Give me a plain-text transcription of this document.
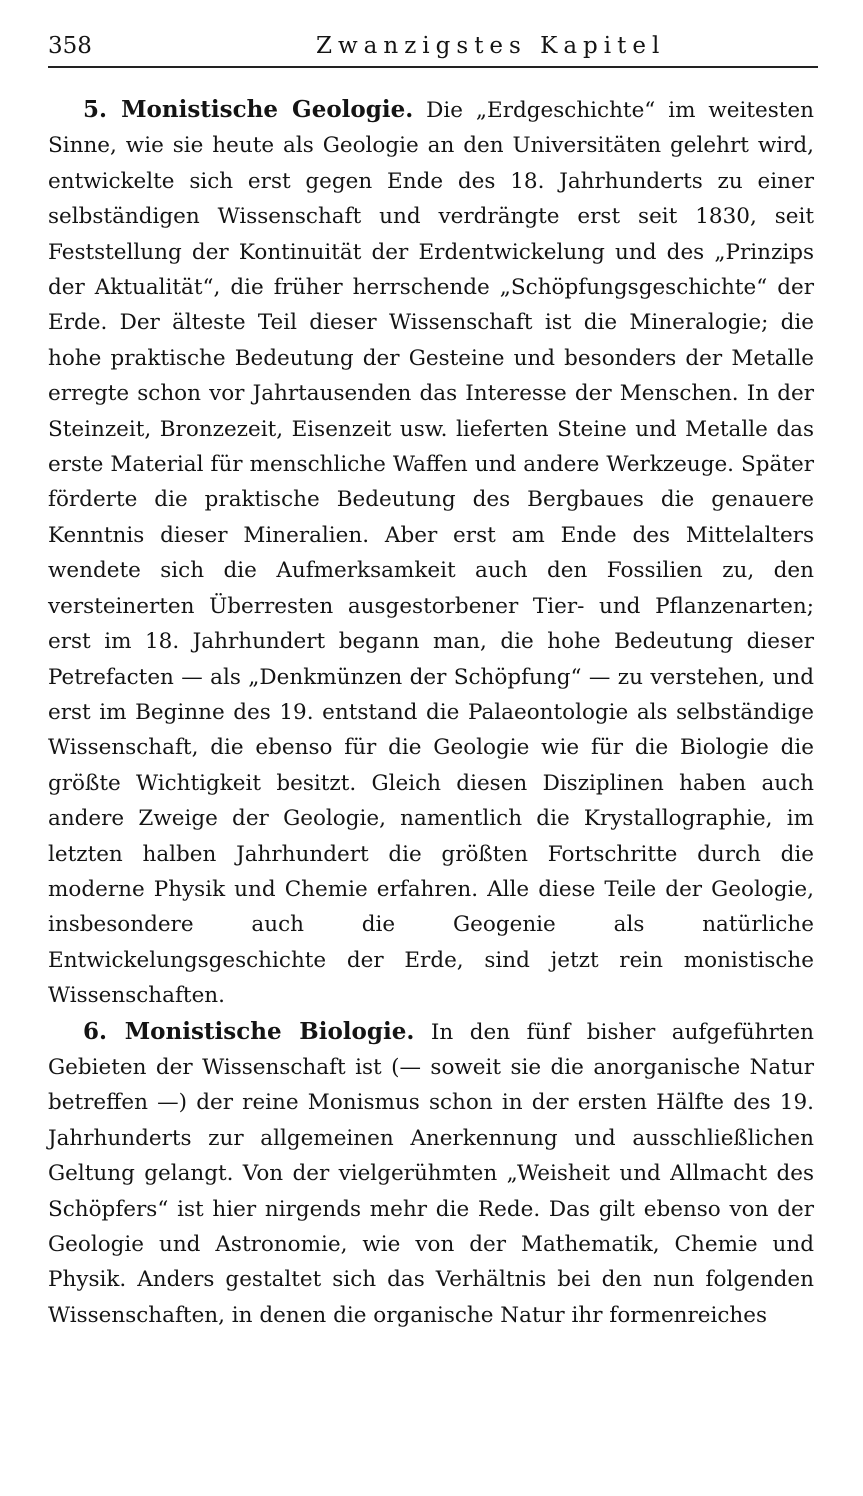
358	Zwanzigstes Kapitel

5. Monistische Geologie. Die „Erdgeschichte“ im weitesten Sinne, wie sie heute als Geologie an den Universitäten gelehrt wird, entwickelte sich erst gegen Ende des 18. Jahrhunderts zu einer selbständigen Wissenschaft und verdrängte erst seit 1830, seit Feststellung der Kontinuität der Erdentwickelung und des „Prinzips der Aktualität“, die früher herrschende „Schöpfungsgeschichte“ der Erde. Der älteste Teil dieser Wissenschaft ist die Mineralogie; die hohe praktische Bedeutung der Gesteine und besonders der Metalle erregte schon vor Jahrtausenden das Interesse der Menschen. In der Steinzeit, Bronzezeit, Eisenzeit usw. lieferten Steine und Metalle das erste Material für menschliche Waffen und andere Werkzeuge. Später förderte die praktische Bedeutung des Bergbaues die genauere Kenntnis dieser Mineralien. Aber erst am Ende des Mittelalters wendete sich die Aufmerksamkeit auch den Fossilien zu, den versteinerten Überresten ausgestorbener Tier- und Pflanzenarten; erst im 18. Jahrhundert begann man, die hohe Bedeutung dieser Petrefacten — als „Denkmünzen der Schöpfung“ — zu verstehen, und erst im Beginne des 19. entstand die Palaeontologie als selbständige Wissenschaft, die ebenso für die Geologie wie für die Biologie die größte Wichtigkeit besitzt. Gleich diesen Disziplinen haben auch andere Zweige der Geologie, namentlich die Krystallographie, im letzten halben Jahrhundert die größten Fortschritte durch die moderne Physik und Chemie erfahren. Alle diese Teile der Geologie, insbesondere auch die Geogenie als natürliche Entwickelungsgeschichte der Erde, sind jetzt rein monistische Wissenschaften.

6. Monistische Biologie. In den fünf bisher aufgeführten Gebieten der Wissenschaft ist (— soweit sie die anorganische Natur betreffen —) der reine Monismus schon in der ersten Hälfte des 19. Jahrhunderts zur allgemeinen Anerkennung und ausschließlichen Geltung gelangt. Von der vielgerühmten „Weisheit und Allmacht des Schöpfers“ ist hier nirgends mehr die Rede. Das gilt ebenso von der Geologie und Astronomie, wie von der Mathematik, Chemie und Physik. Anders gestaltet sich das Verhältnis bei den nun folgenden Wissenschaften, in denen die organische Natur ihr formenreiches
